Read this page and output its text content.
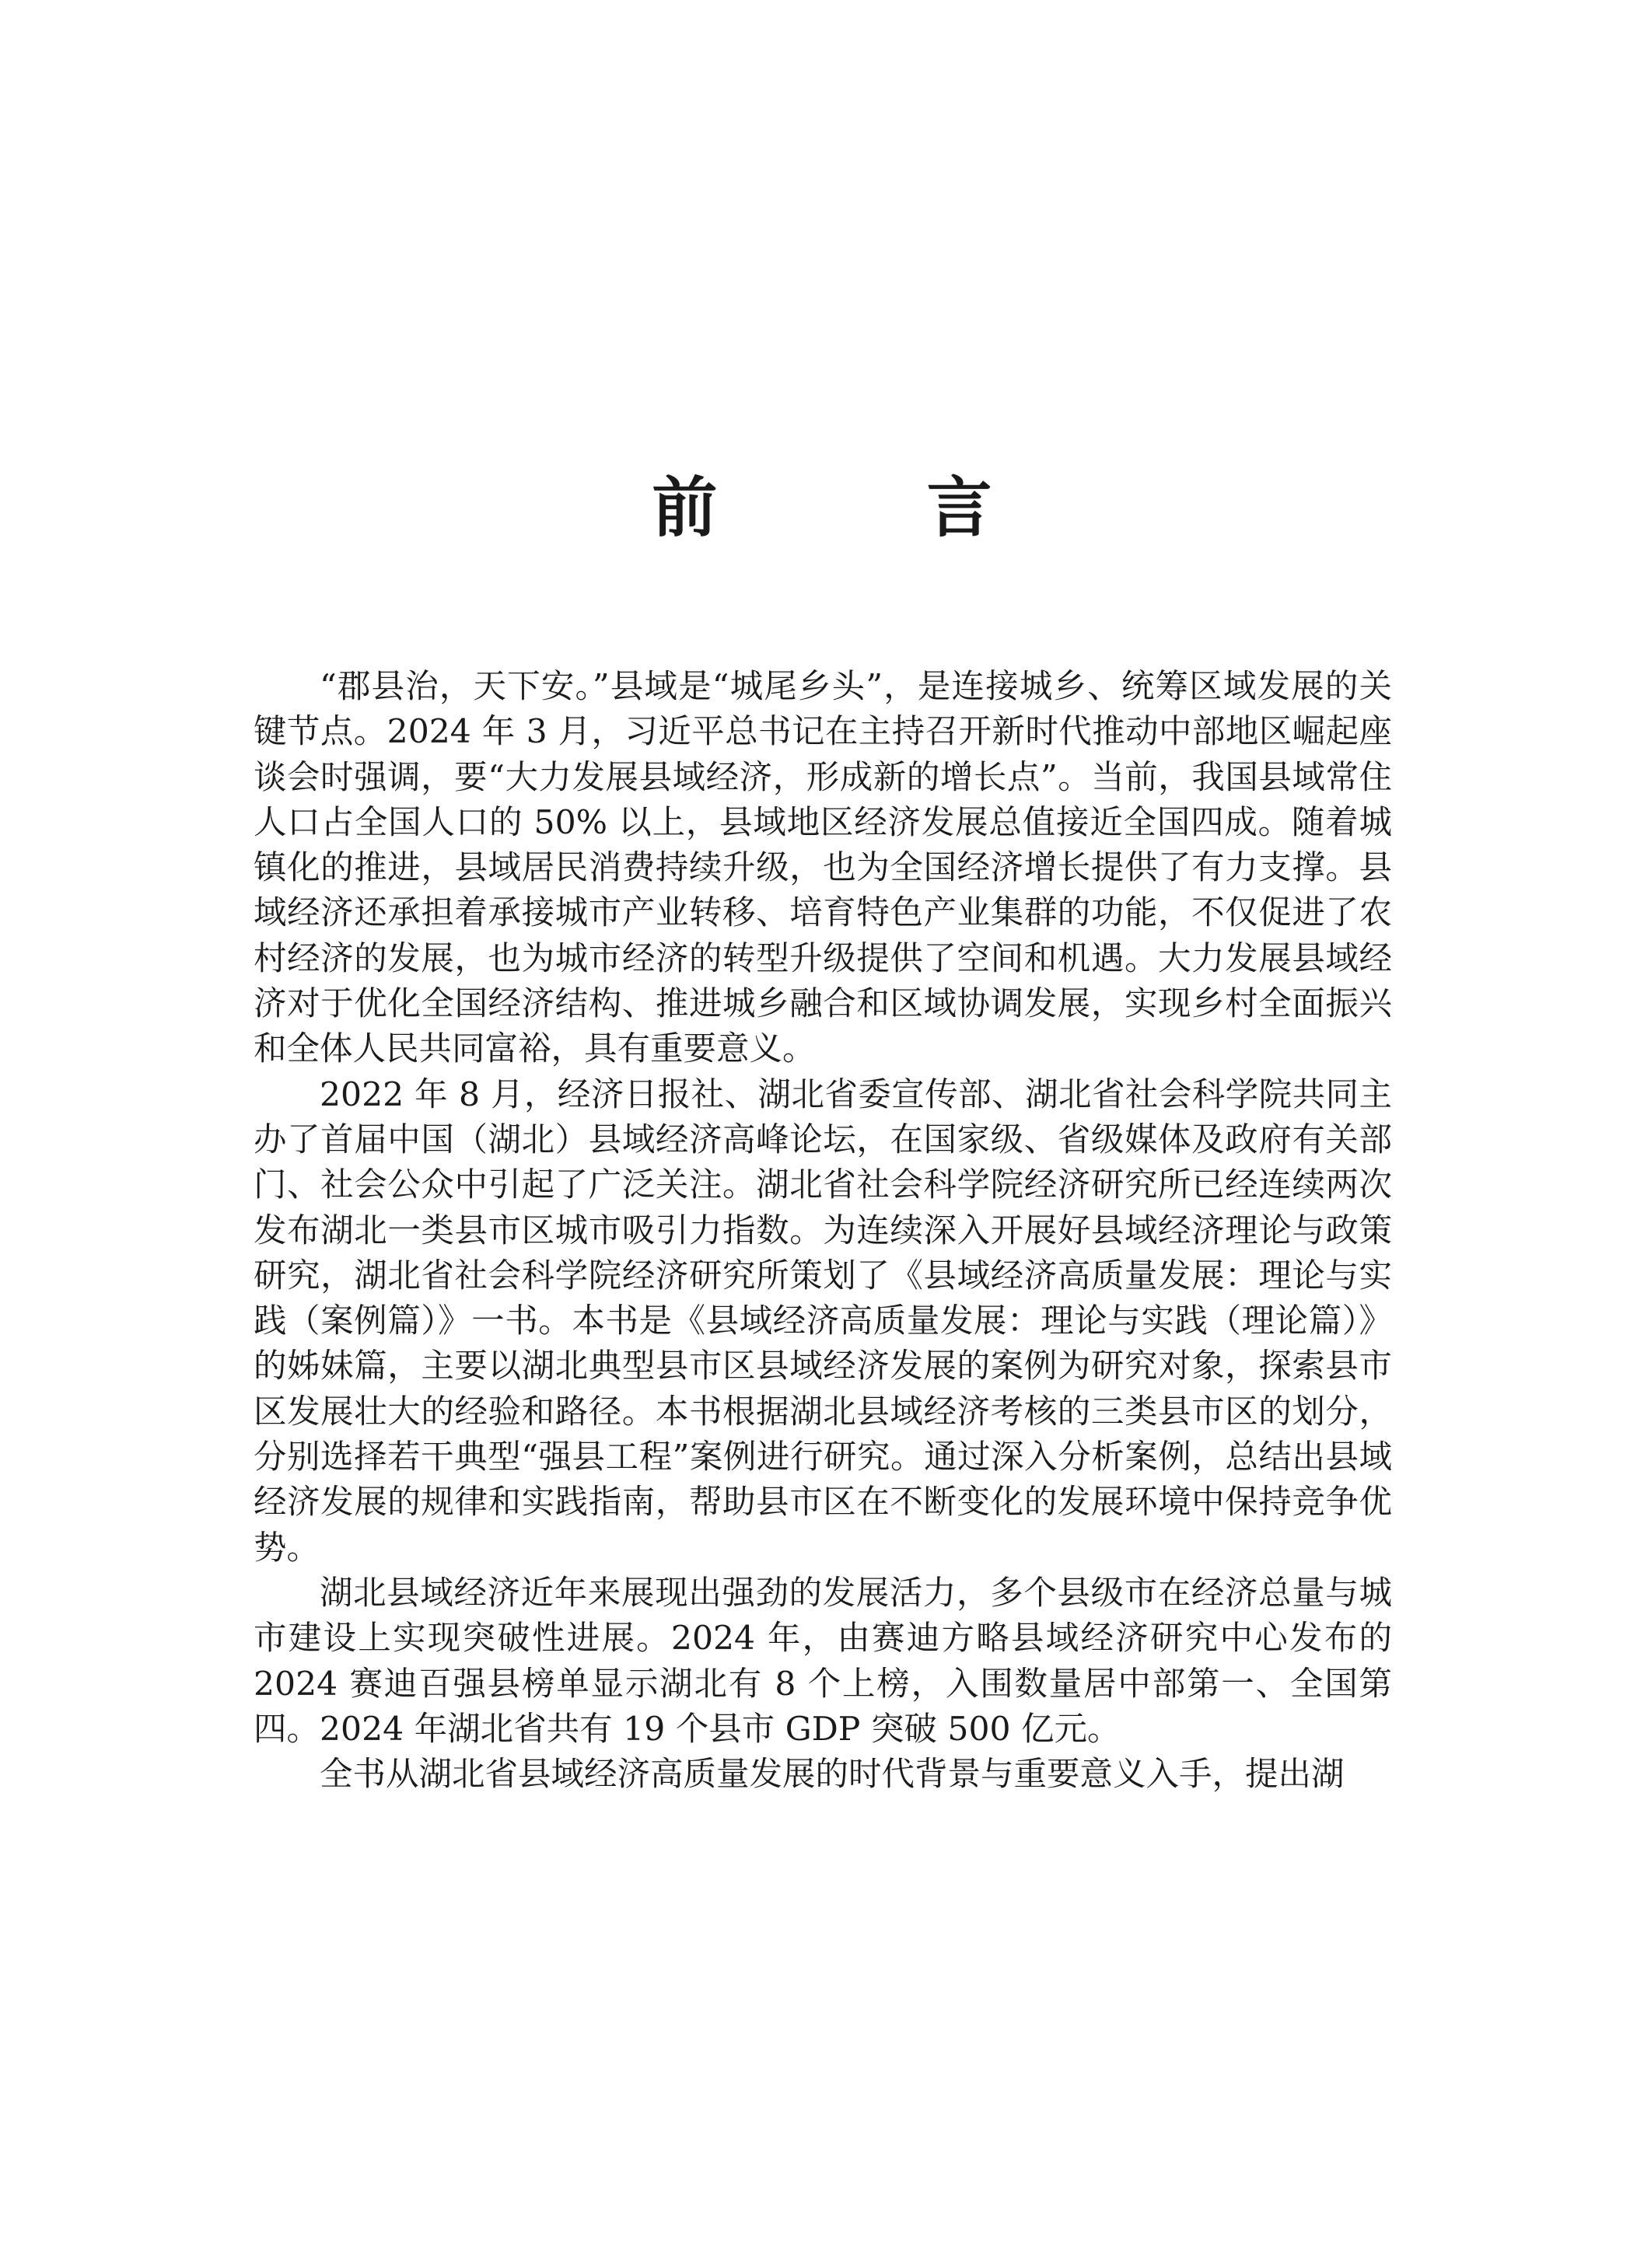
前 言

“郡县治，天下安。”县域是“城尾乡头”，是连接城乡、统筹区域发展的关键节点。2024 年 3 月，习近平总书记在主持召开新时代推动中部地区崛起座谈会时强调，要“大力发展县域经济，形成新的增长点”。当前，我国县域常住人口占全国人口的 50% 以上，县域地区经济发展总值接近全国四成。随着城镇化的推进，县域居民消费持续升级，也为全国经济增长提供了有力支撑。县域经济还承担着承接城市产业转移、培育特色产业集群的功能，不仅促进了农村经济的发展，也为城市经济的转型升级提供了空间和机遇。大力发展县域经济对于优化全国经济结构、推进城乡融合和区域协调发展，实现乡村全面振兴和全体人民共同富裕，具有重要意义。

2022 年 8 月，经济日报社、湖北省委宣传部、湖北省社会科学院共同主办了首届中国（湖北）县域经济高峰论坛，在国家级、省级媒体及政府有关部门、社会公众中引起了广泛关注。湖北省社会科学院经济研究所已经连续两次发布湖北一类县市区城市吸引力指数。为连续深入开展好县域经济理论与政策研究，湖北省社会科学院经济研究所策划了《县域经济高质量发展：理论与实践（案例篇）》一书。本书是《县域经济高质量发展：理论与实践（理论篇）》的姊妹篇，主要以湖北典型县市区县域经济发展的案例为研究对象，探索县市区发展壮大的经验和路径。本书根据湖北县域经济考核的三类县市区的划分，分别选择若干典型“强县工程”案例进行研究。通过深入分析案例，总结出县域经济发展的规律和实践指南，帮助县市区在不断变化的发展环境中保持竞争优势。

湖北县域经济近年来展现出强劲的发展活力，多个县级市在经济总量与城市建设上实现突破性进展。2024 年，由赛迪方略县域经济研究中心发布的 2024 赛迪百强县榜单显示湖北有 8 个上榜，入围数量居中部第一、全国第四。2024 年湖北省共有 19 个县市 GDP 突破 500 亿元。

全书从湖北省县域经济高质量发展的时代背景与重要意义入手，提出湖
